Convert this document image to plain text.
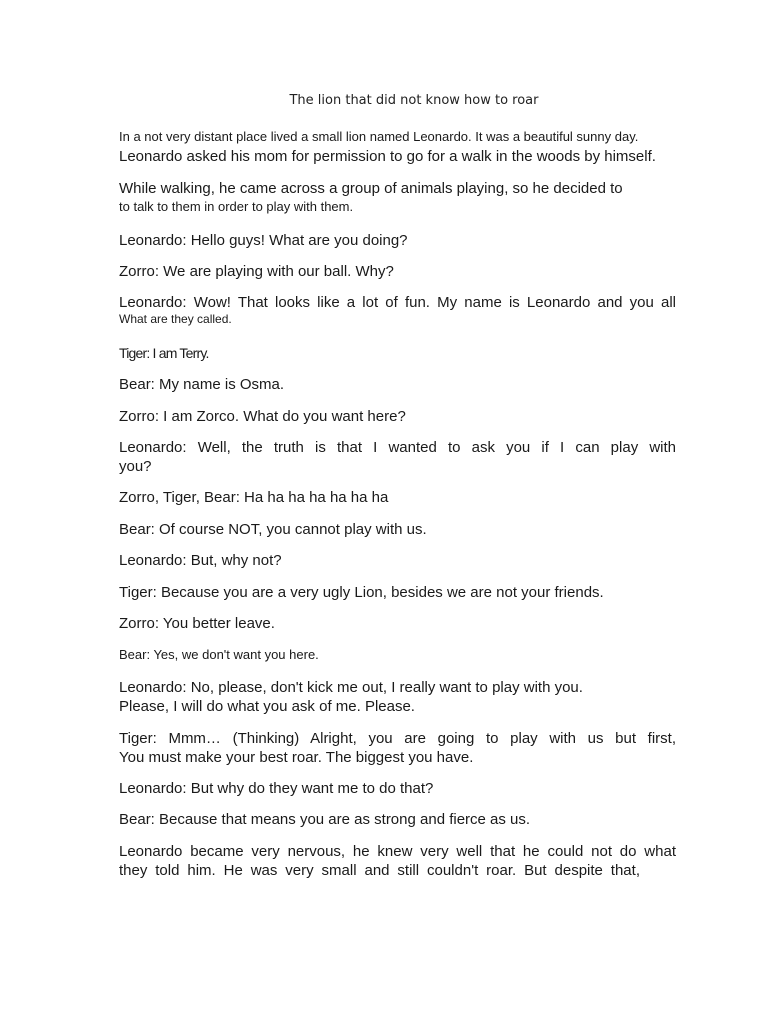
The lion that did not know how to roar
In a not very distant place lived a small lion named Leonardo. It was a beautiful sunny day.
Leonardo asked his mom for permission to go for a walk in the woods by himself.
While walking, he came across a group of animals playing, so he decided to
to talk to them in order to play with them.
Leonardo: Hello guys! What are you doing?
Zorro: We are playing with our ball. Why?
Leonardo: Wow! That looks like a lot of fun. My name is Leonardo and you all
What are they called.
Tiger: I am Terry.
Bear: My name is Osma.
Zorro: I am Zorco. What do you want here?
Leonardo: Well, the truth is that I wanted to ask you if I can play with
you?
Zorro, Tiger, Bear: Ha ha ha ha ha ha ha
Bear: Of course NOT, you cannot play with us.
Leonardo: But, why not?
Tiger: Because you are a very ugly Lion, besides we are not your friends.
Zorro: You better leave.
Bear: Yes, we don't want you here.
Leonardo: No, please, don't kick me out, I really want to play with you.
Please, I will do what you ask of me. Please.
Tiger: Mmm… (Thinking) Alright, you are going to play with us but first,
You must make your best roar. The biggest you have.
Leonardo: But why do they want me to do that?
Bear: Because that means you are as strong and fierce as us.
Leonardo became very nervous, he knew very well that he could not do what
they told him. He was very small and still couldn't roar. But despite that,
